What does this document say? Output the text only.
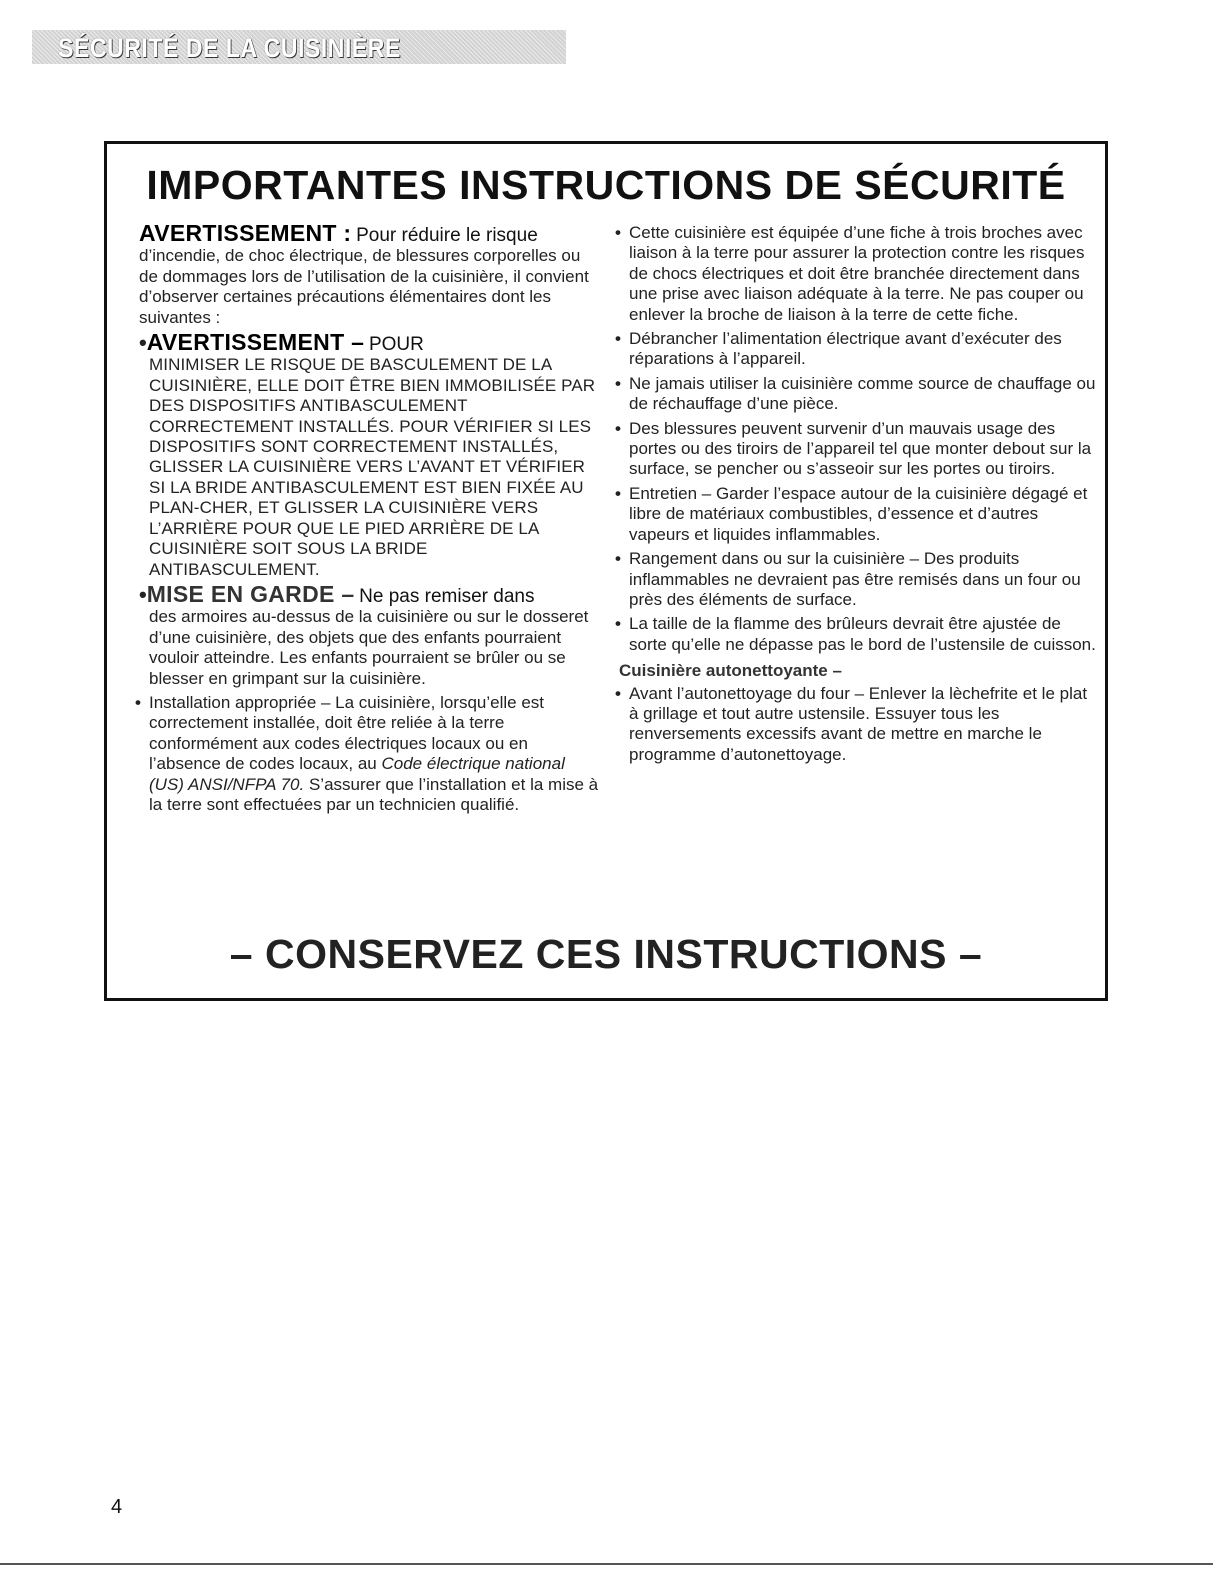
SÉCURITÉ DE LA CUISINIÈRE
IMPORTANTES INSTRUCTIONS DE SÉCURITÉ

AVERTISSEMENT : Pour réduire le risque d’incendie, de choc électrique, de blessures corporelles ou de dommages lors de l’utilisation de la cuisinière, il convient d’observer certaines précautions élémentaires dont les suivantes :

•AVERTISSEMENT – POUR
MINIMISER LE RISQUE DE BASCULEMENT DE LA CUISINIÈRE, ELLE DOIT ÊTRE BIEN IMMOBILISÉE PAR DES DISPOSITIFS ANTIBASCULEMENT CORRECTEMENT INSTALLÉS. POUR VÉRIFIER SI LES DISPOSITIFS SONT CORRECTEMENT INSTALLÉS, GLISSER LA CUISINIÈRE VERS L’AVANT ET VÉRIFIER SI LA BRIDE ANTIBASCULEMENT EST BIEN FIXÉE AU PLAN-CHER, ET GLISSER LA CUISINIÈRE VERS L’ARRIÈRE POUR QUE LE PIED ARRIÈRE DE LA CUISINIÈRE SOIT SOUS LA BRIDE ANTIBASCULEMENT.

•MISE EN GARDE – Ne pas remiser dans
des armoires au-dessus de la cuisinière ou sur le dosseret d’une cuisinière, des objets que des enfants pourraient vouloir atteindre. Les enfants pourraient se brûler ou se blesser en grimpant sur la cuisinière.

• Installation appropriée – La cuisinière, lorsqu’elle est correctement installée, doit être reliée à la terre conformément aux codes électriques locaux ou en l’absence de codes locaux, au Code électrique national (US) ANSI/NFPA 70. S’assurer que l’installation et la mise à la terre sont effectuées par un technicien qualifié.

• Cette cuisinière est équipée d’une fiche à trois broches avec liaison à la terre pour assurer la protection contre les risques de chocs électriques et doit être branchée directement dans une prise avec liaison adéquate à la terre. Ne pas couper ou enlever la broche de liaison à la terre de cette fiche.

• Débrancher l’alimentation électrique avant d’exécuter des réparations à l’appareil.

• Ne jamais utiliser la cuisinière comme source de chauffage ou de réchauffage d’une pièce.

• Des blessures peuvent survenir d’un mauvais usage des portes ou des tiroirs de l’appareil tel que monter debout sur la surface, se pencher ou s’asseoir sur les portes ou tiroirs.

• Entretien – Garder l’espace autour de la cuisinière dégagé et libre de matériaux combustibles, d’essence et d’autres vapeurs et liquides inflammables.

• Rangement dans ou sur la cuisinière – Des produits inflammables ne devraient pas être remisés dans un four ou près des éléments de surface.

• La taille de la flamme des brûleurs devrait être ajustée de sorte qu’elle ne dépasse pas le bord de l’ustensile de cuisson.

Cuisinière autonettoyante –

• Avant l’autonettoyage du four – Enlever la lèchefrite et le plat à grillage et tout autre ustensile. Essuyer tous les renversements excessifs avant de mettre en marche le programme d’autonettoyage.

– CONSERVEZ CES INSTRUCTIONS –
4
